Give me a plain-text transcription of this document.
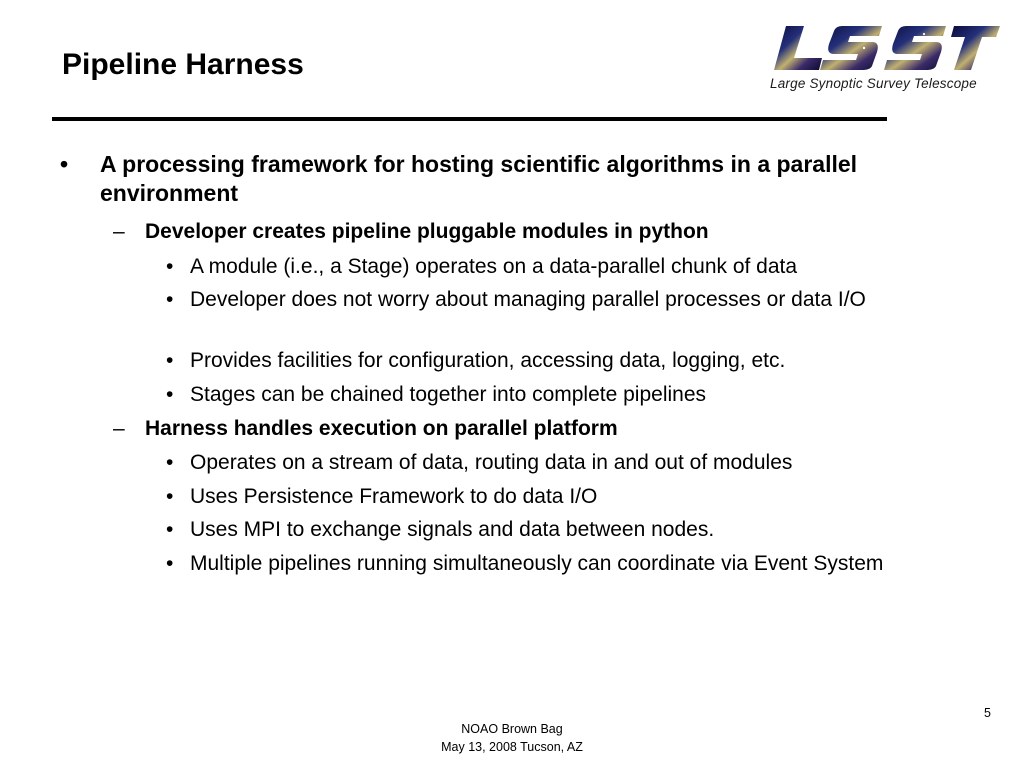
Pipeline Harness
Large Synoptic Survey Telescope
• A processing framework for hosting scientific algorithms in a parallel environment
– Developer creates pipeline pluggable modules in python
• A module (i.e., a Stage) operates on a data-parallel chunk of data
• Developer does not worry about managing parallel processes or data I/O
• Provides facilities for configuration, accessing data, logging, etc.
• Stages can be chained together into complete pipelines
– Harness handles execution on parallel platform
• Operates on a stream of data, routing data in and out of modules
• Uses Persistence Framework to do data I/O
• Uses MPI to exchange signals and data between nodes.
• Multiple pipelines running simultaneously can coordinate via Event System
NOAO Brown Bag
May 13, 2008 Tucson, AZ
5
